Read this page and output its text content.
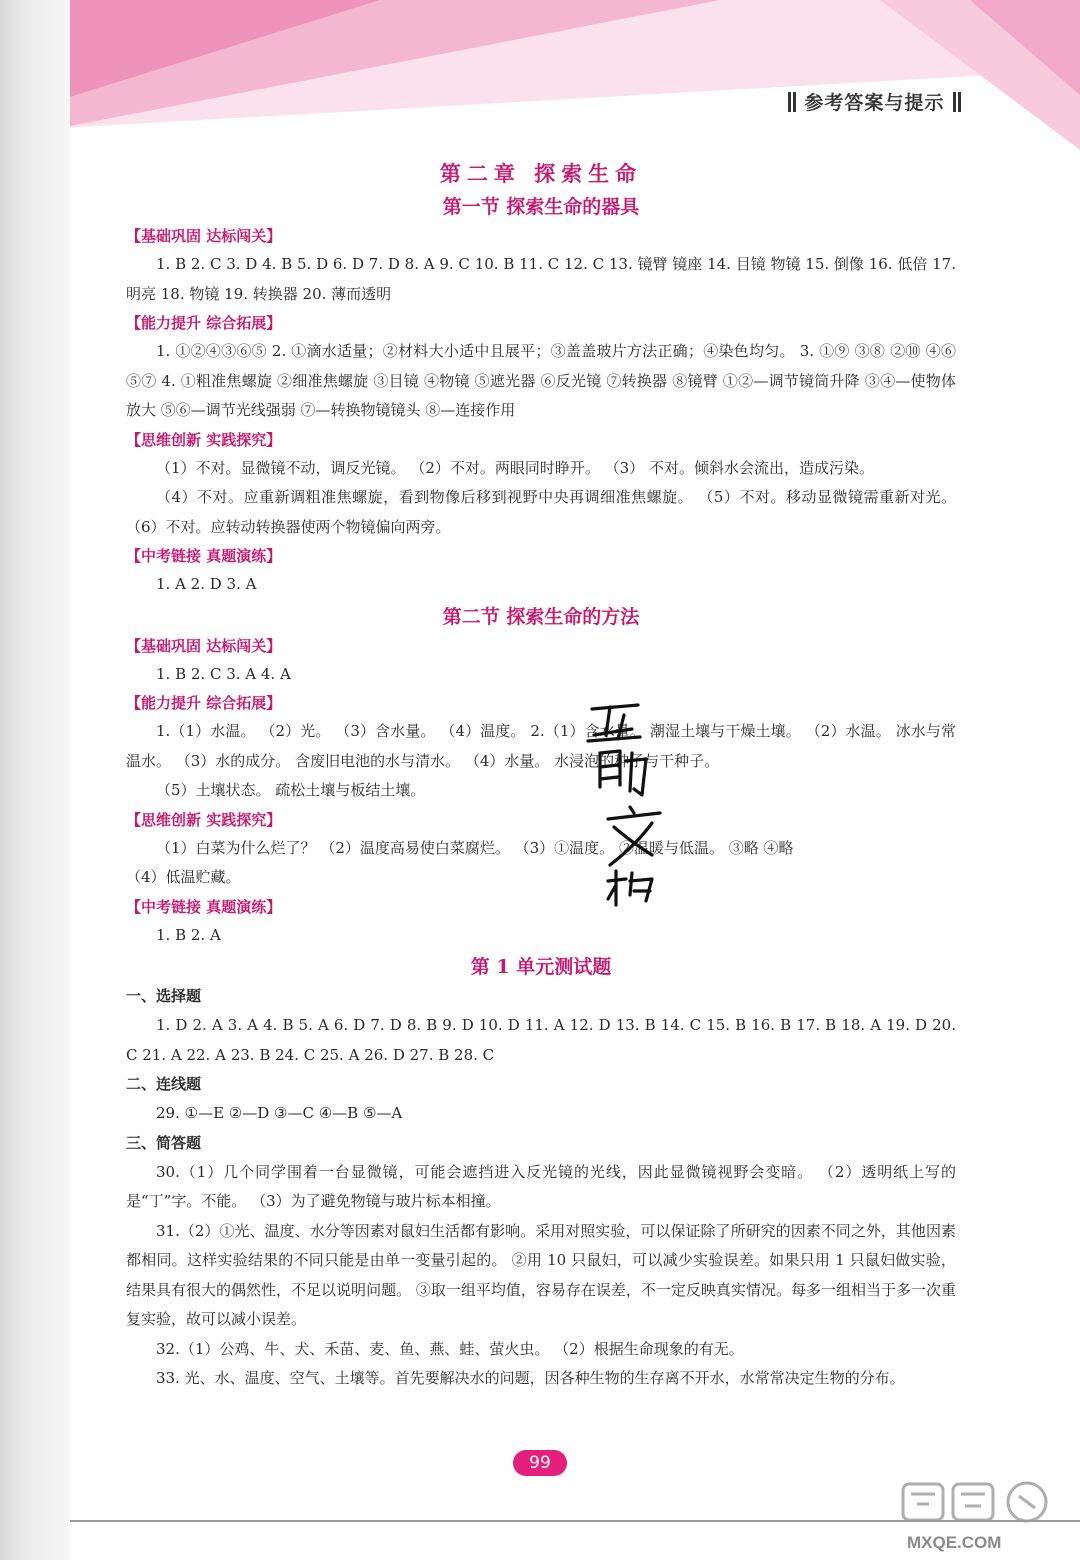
参考答案与提示
第二章 探索生命
第一节 探索生命的器具
【基础巩固 达标闯关】
1. B 2. C 3. D 4. B 5. D 6. D 7. D 8. A 9. C 10. B 11. C 12. C 13. 镜臂 镜座 14. 目镜 物镜 15. 倒像 16. 低倍 17. 明亮 18. 物镜 19. 转换器 20. 薄而透明
【能力提升 综合拓展】
1. ①②④③⑥⑤ 2. ①滴水适量；②材料大小适中且展平；③盖盖玻片方法正确；④染色均匀。 3. ①⑨ ③⑧ ②⑩ ④⑥ ⑤⑦ 4. ①粗准焦螺旋 ②细准焦螺旋 ③目镜 ④物镜 ⑤遮光器 ⑥反光镜 ⑦转换器 ⑧镜臂 ①②—调节镜筒升降 ③④—使物体放大 ⑤⑥—调节光线强弱 ⑦—转换物镜镜头 ⑧—连接作用
【思维创新 实践探究】
（1）不对。显微镜不动，调反光镜。 （2）不对。两眼同时睁开。 （3） 不对。倾斜水会流出，造成污染。
（4）不对。应重新调粗准焦螺旋，看到物像后移到视野中央再调细准焦螺旋。 （5）不对。移动显微镜需重新对光。 （6）不对。应转动转换器使两个物镜偏向两旁。
【中考链接 真题演练】
1. A 2. D 3. A
第二节 探索生命的方法
【基础巩固 达标闯关】
1. B 2. C 3. A 4. A
【能力提升 综合拓展】
1.（1）水温。 （2）光。 （3）含水量。 （4）温度。 2.（1）含水量。 潮湿土壤与干燥土壤。 （2）水温。 冰水与常温水。 （3）水的成分。 含废旧电池的水与清水。 （4）水量。 水浸泡的种子与干种子。
（5）土壤状态。 疏松土壤与板结土壤。
【思维创新 实践探究】
（1）白菜为什么烂了？ （2）温度高易使白菜腐烂。 （3）①温度。 ②温暖与低温。 ③略 ④略
（4）低温贮藏。
【中考链接 真题演练】
1. B 2. A
第 1 单元测试题
一、选择题
1. D 2. A 3. A 4. B 5. A 6. D 7. D 8. B 9. D 10. D 11. A 12. D 13. B 14. C 15. B 16. B 17. B 18. A 19. D 20. C 21. A 22. A 23. B 24. C 25. A 26. D 27. B 28. C
二、连线题
29. ①—E ②—D ③—C ④—B ⑤—A
三、简答题
30.（1）几个同学围着一台显微镜，可能会遮挡进入反光镜的光线，因此显微镜视野会变暗。 （2）透明纸上写的是“丁”字。不能。 （3）为了避免物镜与玻片标本相撞。
31.（2）①光、温度、水分等因素对鼠妇生活都有影响。采用对照实验，可以保证除了所研究的因素不同之外，其他因素都相同。这样实验结果的不同只能是由单一变量引起的。 ②用 10 只鼠妇，可以减少实验误差。如果只用 1 只鼠妇做实验，结果具有很大的偶然性，不足以说明问题。 ③取一组平均值，容易存在误差，不一定反映真实情况。每多一组相当于多一次重复实验，故可以减小误差。
32.（1）公鸡、牛、犬、禾苗、麦、鱼、燕、蛙、萤火虫。 （2）根据生命现象的有无。
33. 光、水、温度、空气、土壤等。首先要解决水的问题，因各种生物的生存离不开水，水常常决定生物的分布。
99
MXQE.COM
